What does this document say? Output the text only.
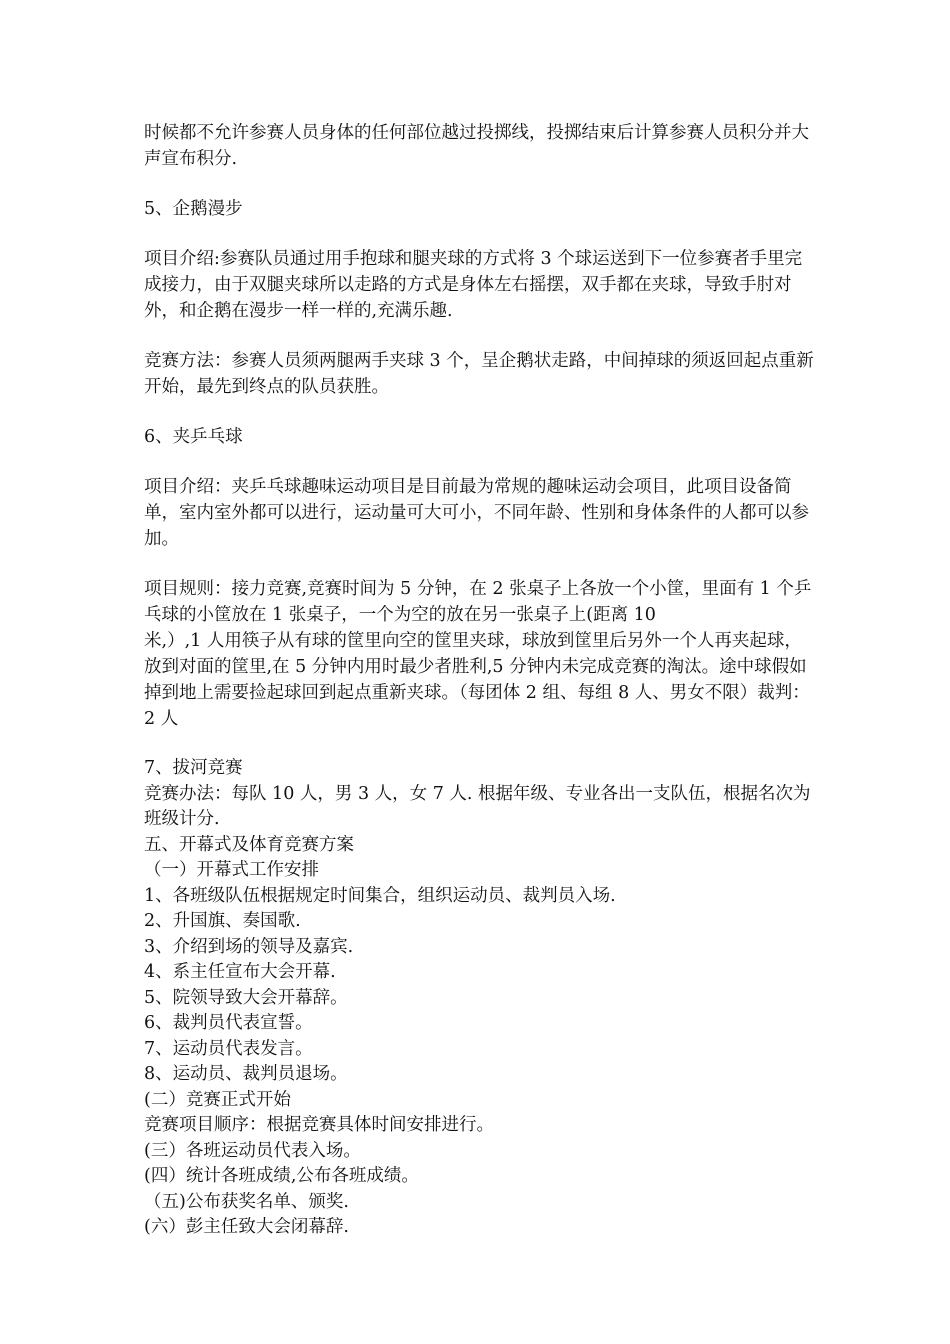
时候都不允许参赛人员身体的任何部位越过投掷线，投掷结束后计算参赛人员积分并大声宣布积分.

5、企鹅漫步

项目介绍:参赛队员通过用手抱球和腿夹球的方式将 3 个球运送到下一位参赛者手里完成接力，由于双腿夹球所以走路的方式是身体左右摇摆，双手都在夹球，导致手肘对外，和企鹅在漫步一样一样的,充满乐趣.

竞赛方法：参赛人员须两腿两手夹球 3 个，呈企鹅状走路，中间掉球的须返回起点重新开始，最先到终点的队员获胜。

6、夹乒乓球

项目介绍：夹乒乓球趣味运动项目是目前最为常规的趣味运动会项目，此项目设备简单，室内室外都可以进行，运动量可大可小，不同年龄、性别和身体条件的人都可以参加。

项目规则：接力竞赛,竞赛时间为 5 分钟，在 2 张桌子上各放一个小筐，里面有 1 个乒乓球的小筐放在 1 张桌子，一个为空的放在另一张桌子上(距离 10

米,）,1 人用筷子从有球的筐里向空的筐里夹球，球放到筐里后另外一个人再夹起球，放到对面的筐里,在 5 分钟内用时最少者胜利,5 分钟内未完成竞赛的淘汰。途中球假如掉到地上需要捡起球回到起点重新夹球。（每团体 2 组、每组 8 人、男女不限）裁判：2 人

7、拔河竞赛

竞赛办法：每队 10 人，男 3 人，女 7 人. 根据年级、专业各出一支队伍，根据名次为班级计分.

五、开幕式及体育竞赛方案

（一）开幕式工作安排

1、各班级队伍根据规定时间集合，组织运动员、裁判员入场.

2、升国旗、奏国歌.

3、介绍到场的领导及嘉宾.

4、系主任宣布大会开幕.

5、院领导致大会开幕辞。

6、裁判员代表宣誓。

7、运动员代表发言。

8、运动员、裁判员退场。

(二）竞赛正式开始

竞赛项目顺序：根据竞赛具体时间安排进行。

(三）各班运动员代表入场。

(四）统计各班成绩,公布各班成绩。

（五)公布获奖名单、颁奖.

(六）彭主任致大会闭幕辞.
